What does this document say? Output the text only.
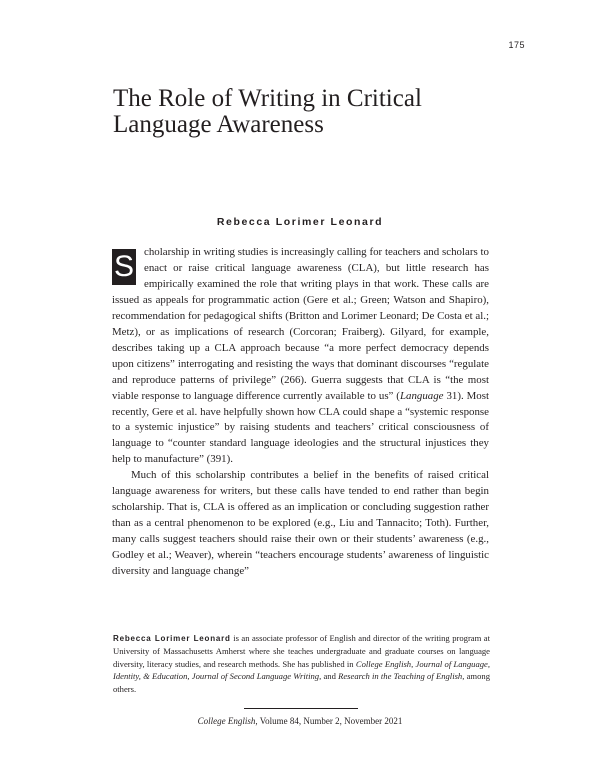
175
The Role of Writing in Critical Language Awareness
Rebecca Lorimer Leonard

S cholarship in writing studies is increasingly calling for teachers and scholars to enact or raise critical language awareness (CLA), but little research has empirically examined the role that writing plays in that work. These calls are issued as appeals for programmatic action (Gere et al.; Green; Watson and Shapiro), recommendation for pedagogical shifts (Britton and Lorimer Leonard; De Costa et al.; Metz), or as implications of research (Corcoran; Fraiberg). Gilyard, for example, describes taking up a CLA approach because “a more perfect democracy depends upon citizens” interrogating and resisting the ways that dominant discourses “regulate and reproduce patterns of privilege” (266). Guerra suggests that CLA is “the most viable response to language difference currently available to us” (Language 31). Most recently, Gere et al. have helpfully shown how CLA could shape a “systemic response to a systemic injustice” by raising students and teachers’ critical consciousness of language to “counter standard language ideologies and the structural injustices they help to manufacture” (391).

Much of this scholarship contributes a belief in the benefits of raised critical language awareness for writers, but these calls have tended to end rather than begin scholarship. That is, CLA is offered as an implication or concluding suggestion rather than as a central phenomenon to be explored (e.g., Liu and Tannacito; Toth). Further, many calls suggest teachers should raise their own or their students’ awareness (e.g., Godley et al.; Weaver), wherein “teachers encourage students’ awareness of linguistic diversity and language change”

Rebecca Lorimer Leonard is an associate professor of English and director of the writing program at University of Massachusetts Amherst where she teaches undergraduate and graduate courses on language diversity, literacy studies, and research methods. She has published in College English, Journal of Language, Identity, & Education, Journal of Second Language Writing, and Research in the Teaching of English, among others.
College English, Volume 84, Number 2, November 2021
